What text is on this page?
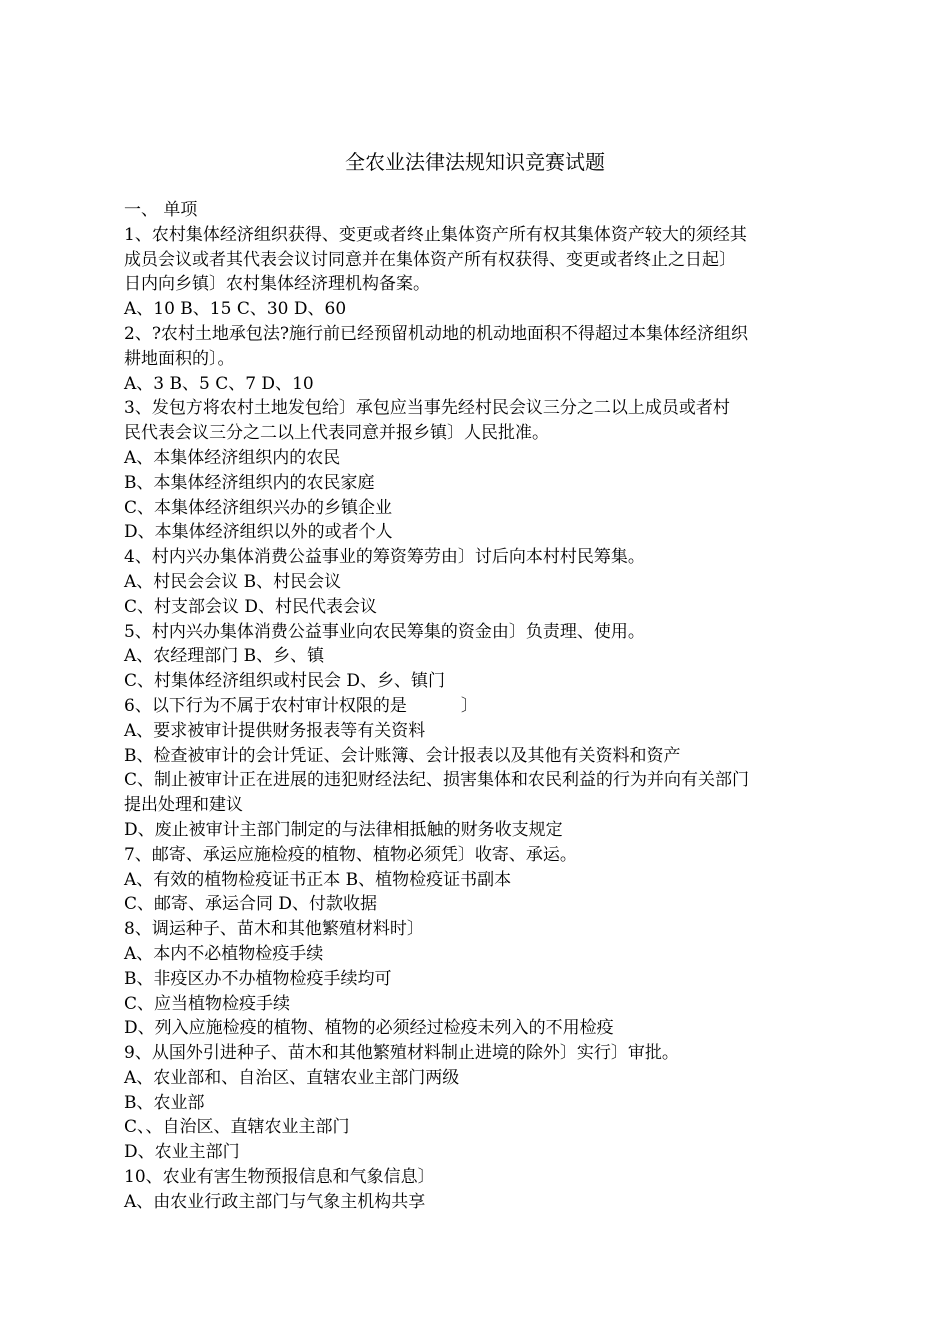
全农业法律法规知识竞赛试题
一、 单项
1、农村集体经济组织获得、变更或者终止集体资产所有权其集体资产较大的须经其
成员会议或者其代表会议讨同意并在集体资产所有权获得、变更或者终止之日起〕
日内向乡镇〕农村集体经济理机构备案。
A、10 B、15 C、30 D、60
2、?农村土地承包法?施行前已经预留机动地的机动地面积不得超过本集体经济组织
耕地面积的〕。
A、3 B、5 C、7 D、10
3、发包方将农村土地发包给〕承包应当事先经村民会议三分之二以上成员或者村
民代表会议三分之二以上代表同意并报乡镇〕人民批准。
A、本集体经济组织内的农民
B、本集体经济组织内的农民家庭
C、本集体经济组织兴办的乡镇企业
D、本集体经济组织以外的或者个人
4、村内兴办集体消费公益事业的筹资筹劳由〕讨后向本村村民筹集。
A、村民会会议 B、村民会议
C、村支部会议 D、村民代表会议
5、村内兴办集体消费公益事业向农民筹集的资金由〕负责理、使用。
A、农经理部门 B、乡、镇
C、村集体经济组织或村民会 D、乡、镇门
6、以下行为不属于农村审计权限的是          〕
A、要求被审计提供财务报表等有关资料
B、检查被审计的会计凭证、会计账簿、会计报表以及其他有关资料和资产
C、制止被审计正在进展的违犯财经法纪、损害集体和农民利益的行为并向有关部门
提出处理和建议
D、废止被审计主部门制定的与法律相抵触的财务收支规定
7、邮寄、承运应施检疫的植物、植物必须凭〕收寄、承运。
A、有效的植物检疫证书正本 B、植物检疫证书副本
C、邮寄、承运合同 D、付款收据
8、调运种子、苗木和其他繁殖材料时〕
A、本内不必植物检疫手续
B、非疫区办不办植物检疫手续均可
C、应当植物检疫手续
D、列入应施检疫的植物、植物的必须经过检疫未列入的不用检疫
9、从国外引进种子、苗木和其他繁殖材料制止进境的除外〕实行〕审批。
A、农业部和、自治区、直辖农业主部门两级
B、农业部
C、、自治区、直辖农业主部门
D、农业主部门
10、农业有害生物预报信息和气象信息〕
A、由农业行政主部门与气象主机构共享
